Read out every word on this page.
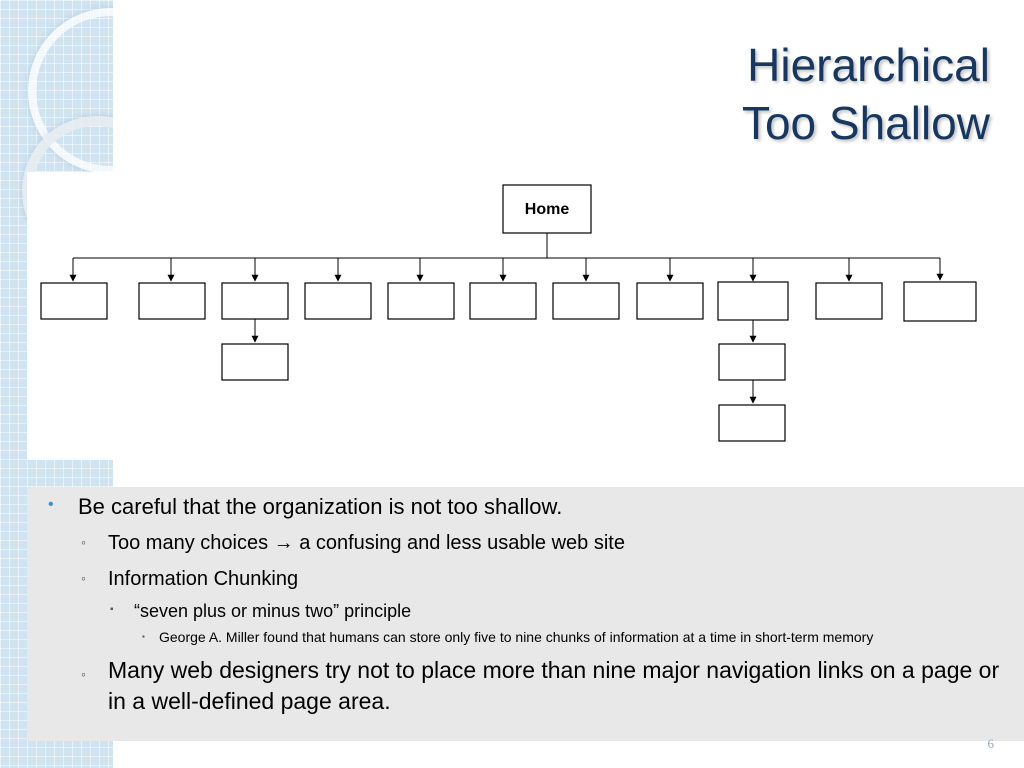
Hierarchical
Too Shallow
Home
• Be careful that the organization is not too shallow.
◦ Too many choices → a confusing and less usable web site
◦ Information Chunking
▪ “seven plus or minus two” principle
▪ George A. Miller found that humans can store only five to nine chunks of information at a time in short-term memory
◦ Many web designers try not to place more than nine major navigation links on a page or in a well-defined page area.
6
